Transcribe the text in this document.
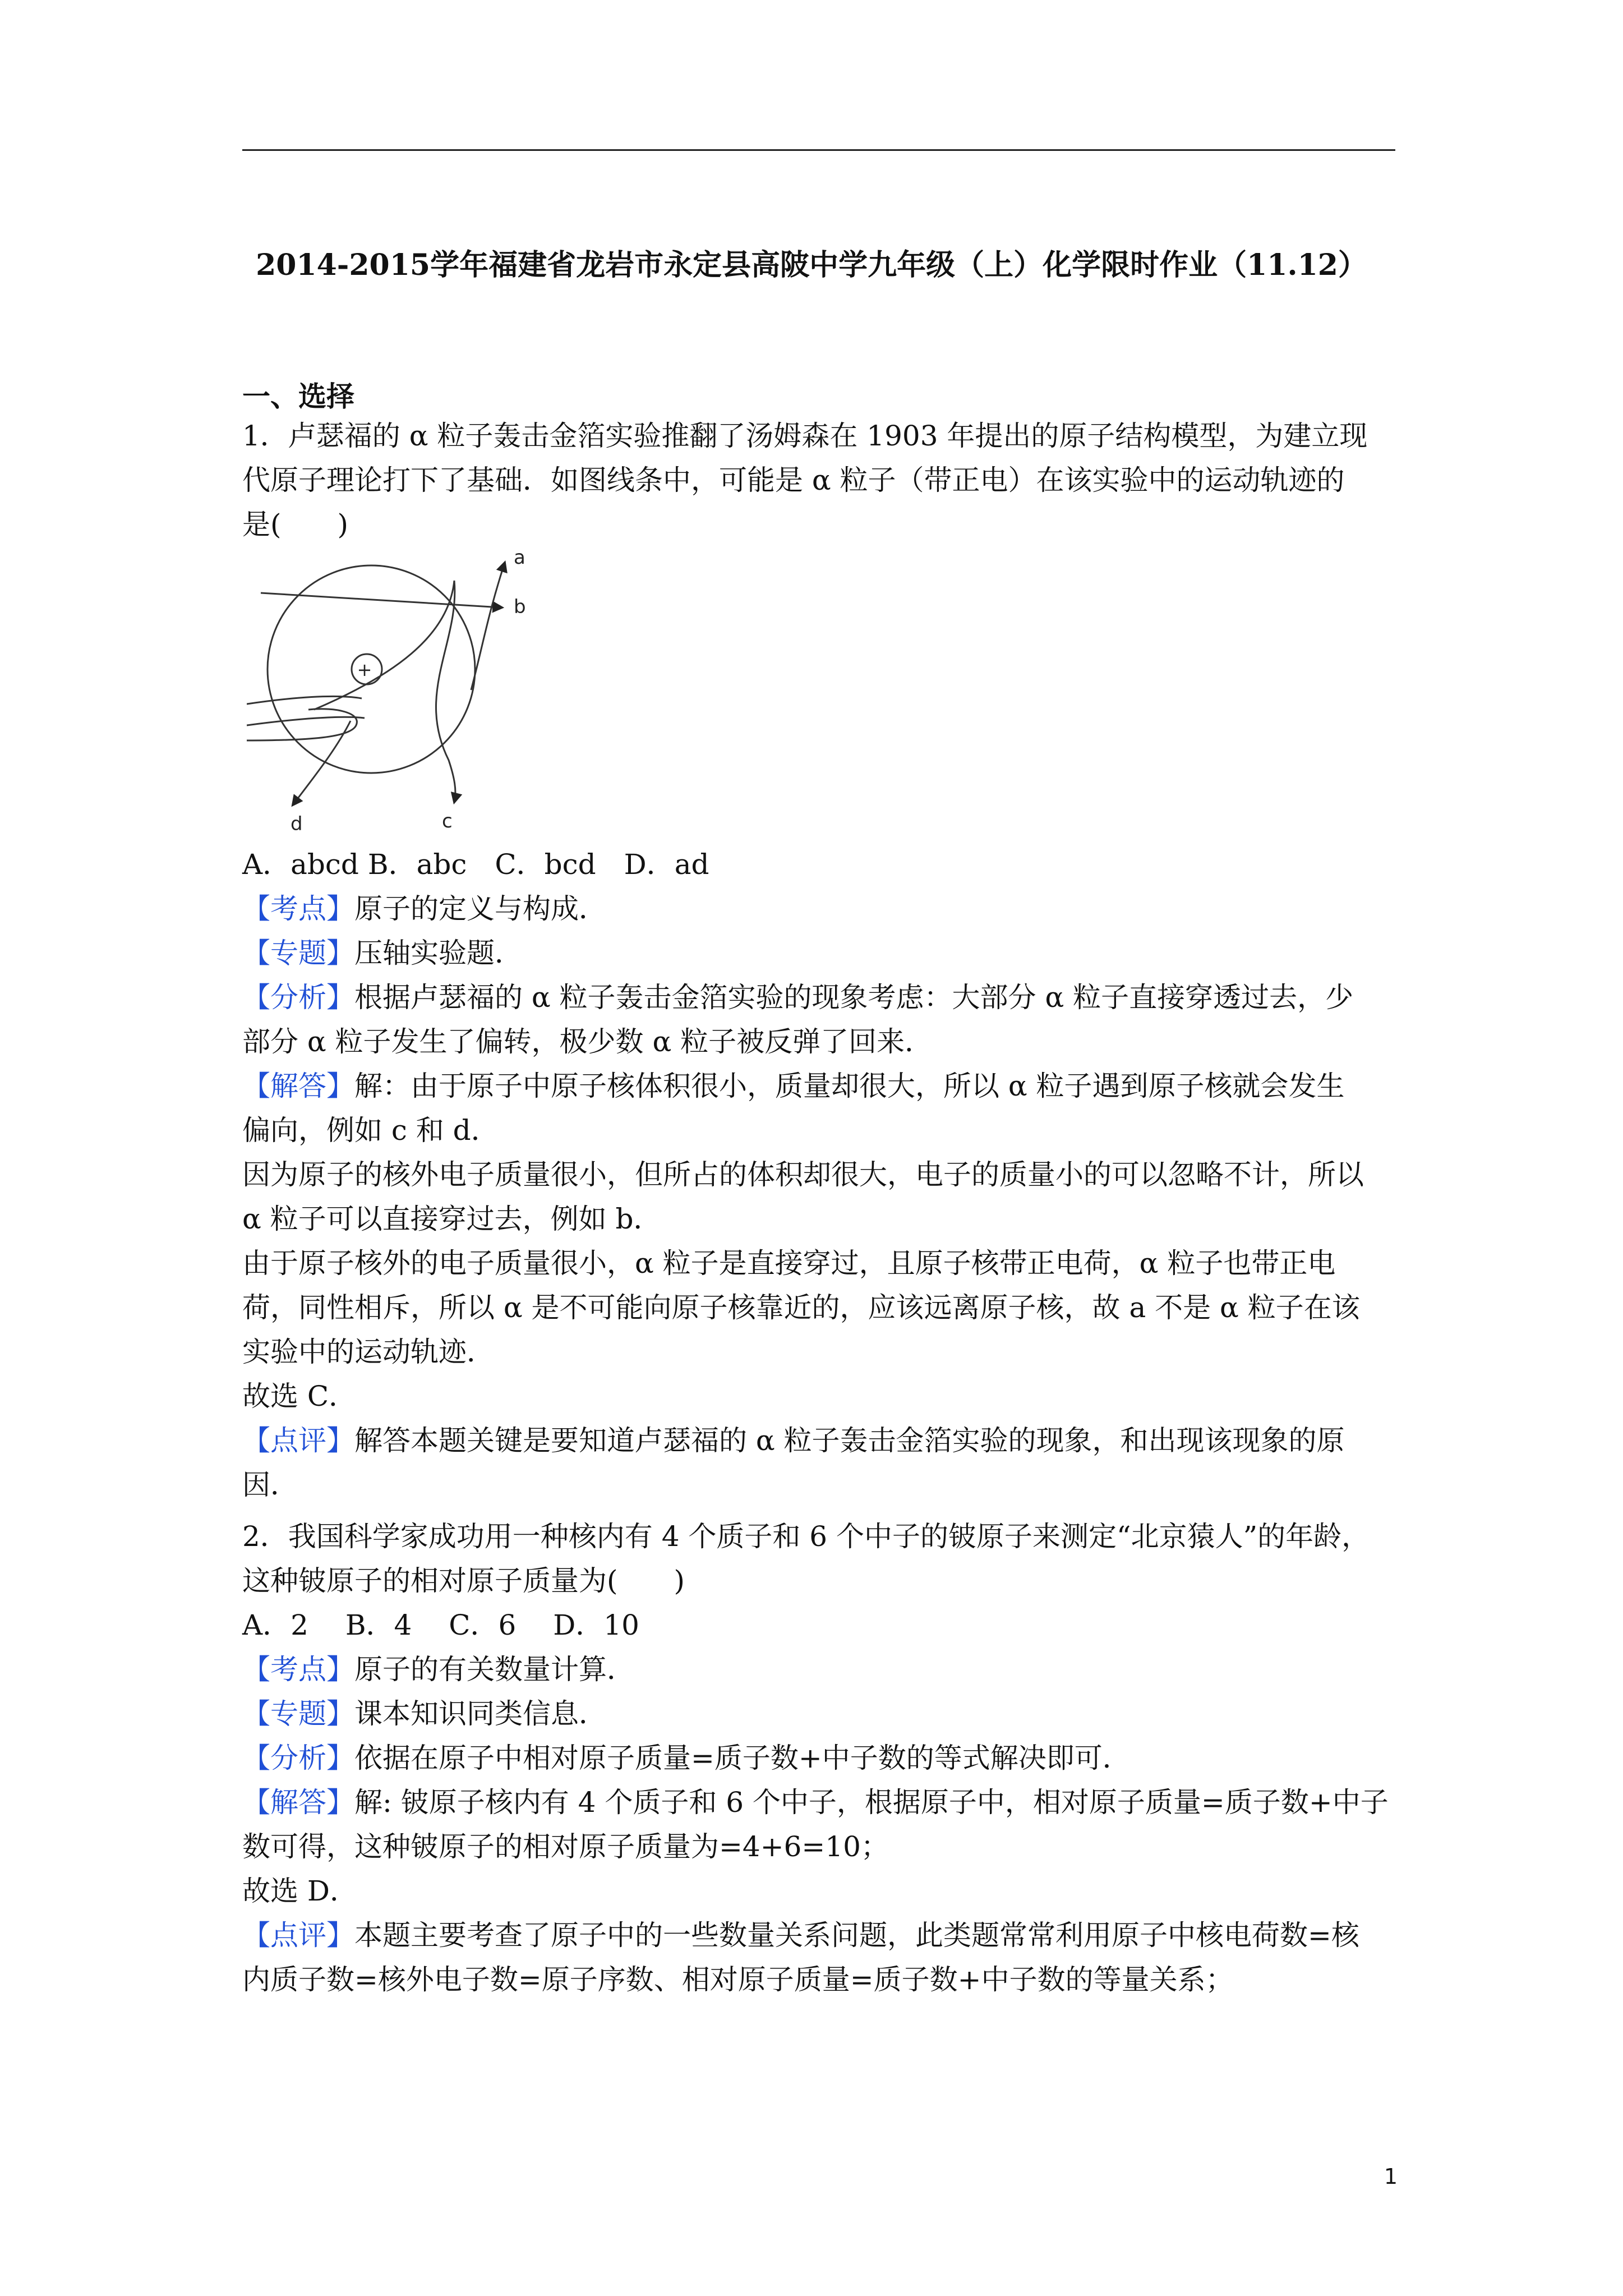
2014-2015学年福建省龙岩市永定县高陂中学九年级（上）化学限时作业（11.12）
一、选择

1．卢瑟福的 α 粒子轰击金箔实验推翻了汤姆森在 1903 年提出的原子结构模型，为建立现

代原子理论打下了基础．如图线条中，可能是 α 粒子（带正电）在该实验中的运动轨迹的

是(　　)

+
a
b
d	c

A．abcd B．abc　C．bcd　D．ad

【考点】原子的定义与构成．

【专题】压轴实验题．

【分析】根据卢瑟福的 α 粒子轰击金箔实验的现象考虑：大部分 α 粒子直接穿透过去，少

部分 α 粒子发生了偏转，极少数 α 粒子被反弹了回来．

【解答】解：由于原子中原子核体积很小，质量却很大，所以 α 粒子遇到原子核就会发生

偏向，例如 c 和 d．

因为原子的核外电子质量很小，但所占的体积却很大，电子的质量小的可以忽略不计，所以

α 粒子可以直接穿过去，例如 b．

由于原子核外的电子质量很小，α 粒子是直接穿过，且原子核带正电荷，α 粒子也带正电

荷，同性相斥，所以 α 是不可能向原子核靠近的，应该远离原子核，故 a 不是 α 粒子在该

实验中的运动轨迹．

故选 C．

【点评】解答本题关键是要知道卢瑟福的 α 粒子轰击金箔实验的现象，和出现该现象的原

因．

2．我国科学家成功用一种核内有 4 个质子和 6 个中子的铍原子来测定“北京猿人”的年龄，

这种铍原子的相对原子质量为(　　)

A．2　 B．4　 C．6　 D．10

【考点】原子的有关数量计算．

【专题】课本知识同类信息．

【分析】依据在原子中相对原子质量=质子数+中子数的等式解决即可．

【解答】解: 铍原子核内有 4 个质子和 6 个中子，根据原子中，相对原子质量=质子数+中子

数可得，这种铍原子的相对原子质量为=4+6=10；

故选 D．

【点评】本题主要考查了原子中的一些数量关系问题，此类题常常利用原子中核电荷数=核

内质子数=核外电子数=原子序数、相对原子质量=质子数+中子数的等量关系；

1
